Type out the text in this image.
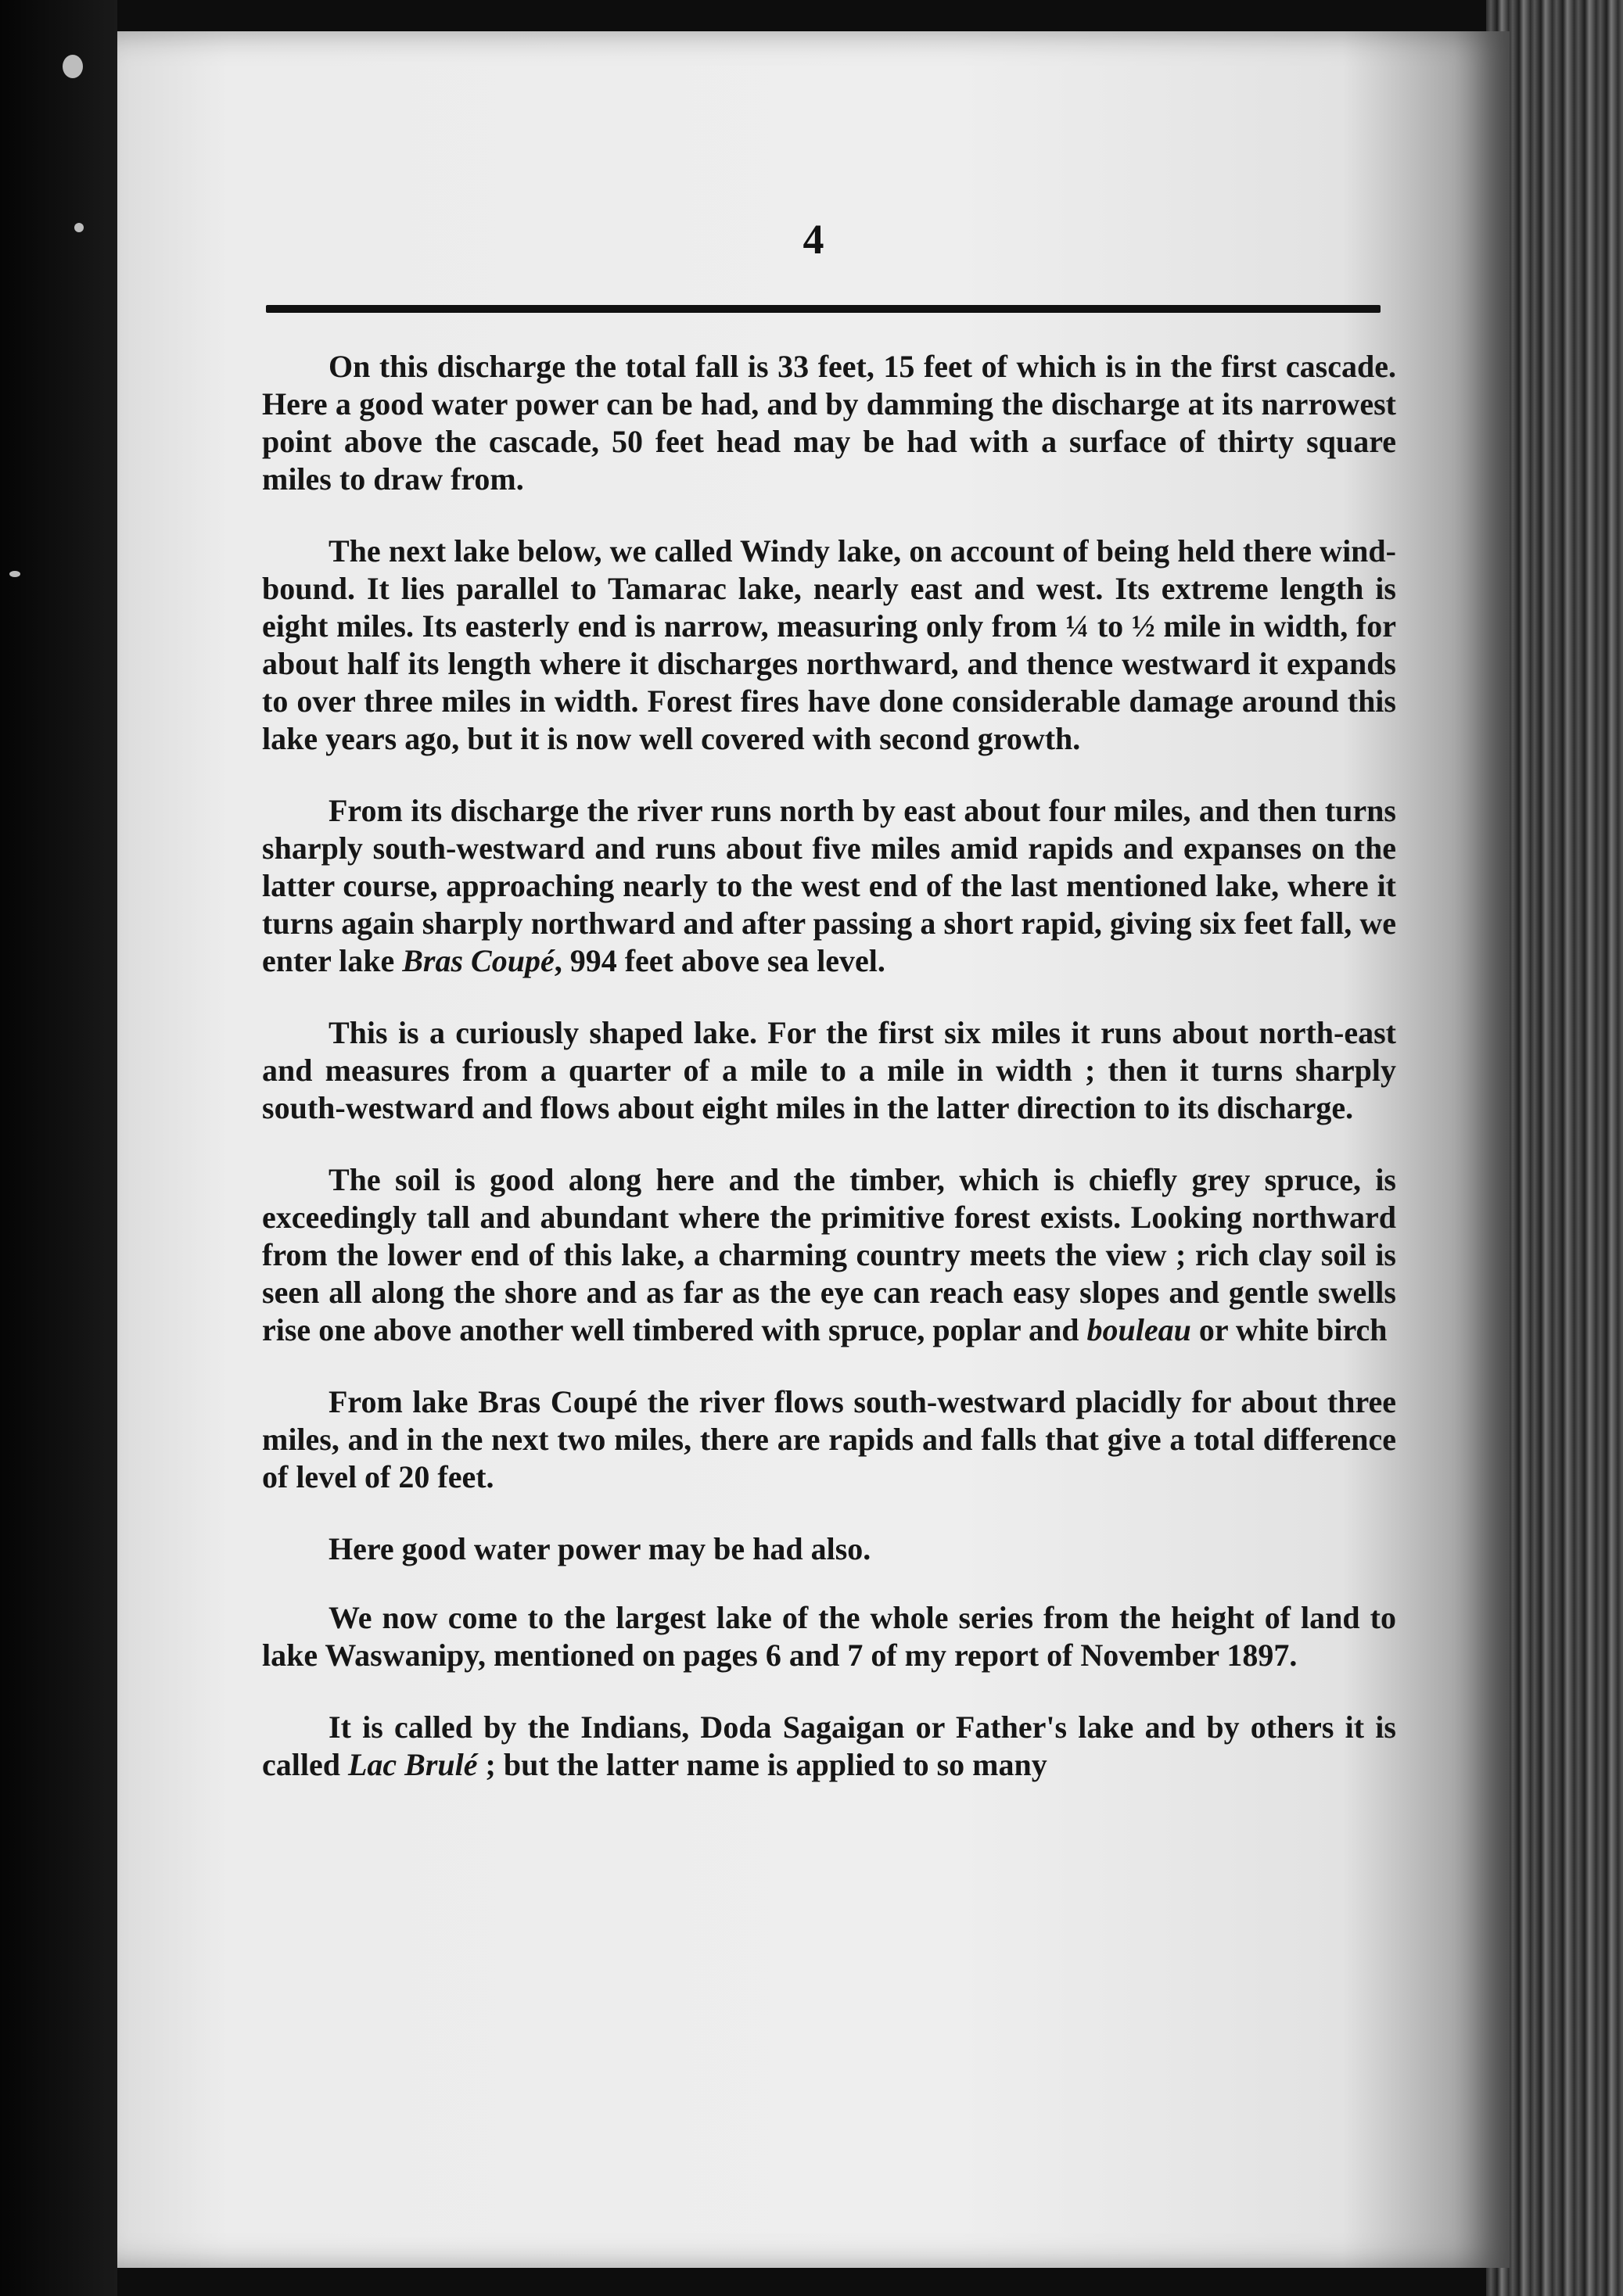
4

On this discharge the total fall is 33 feet, 15 feet of which is in the first cascade. Here a good water power can be had, and by damming the discharge at its narrowest point above the cascade, 50 feet head may be had with a surface of thirty square miles to draw from.

The next lake below, we called Windy lake, on account of being held there wind-bound. It lies parallel to Tamarac lake, nearly east and west. Its extreme length is eight miles. Its easterly end is narrow, measuring only from ¼ to ½ mile in width, for about half its length where it discharges northward, and thence westward it expands to over three miles in width. Forest fires have done considerable damage around this lake years ago, but it is now well covered with second growth.

From its discharge the river runs north by east about four miles, and then turns sharply south-westward and runs about five miles amid rapids and expanses on the latter course, approaching nearly to the west end of the last mentioned lake, where it turns again sharply northward and after passing a short rapid, giving six feet fall, we enter lake Bras Coupé, 994 feet above sea level.

This is a curiously shaped lake. For the first six miles it runs about north-east and measures from a quarter of a mile to a mile in width ; then it turns sharply south-westward and flows about eight miles in the latter direction to its discharge.

The soil is good along here and the timber, which is chiefly grey spruce, is exceedingly tall and abundant where the primitive forest exists. Looking northward from the lower end of this lake, a charming country meets the view ; rich clay soil is seen all along the shore and as far as the eye can reach easy slopes and gentle swells rise one above another well timbered with spruce, poplar and bouleau or white birch

From lake Bras Coupé the river flows south-westward placidly for about three miles, and in the next two miles, there are rapids and falls that give a total difference of level of 20 feet.

Here good water power may be had also.

We now come to the largest lake of the whole series from the height of land to lake Waswanipy, mentioned on pages 6 and 7 of my report of November 1897.

It is called by the Indians, Doda Sagaigan or Father's lake and by others it is called Lac Brulé ; but the latter name is applied to so many
